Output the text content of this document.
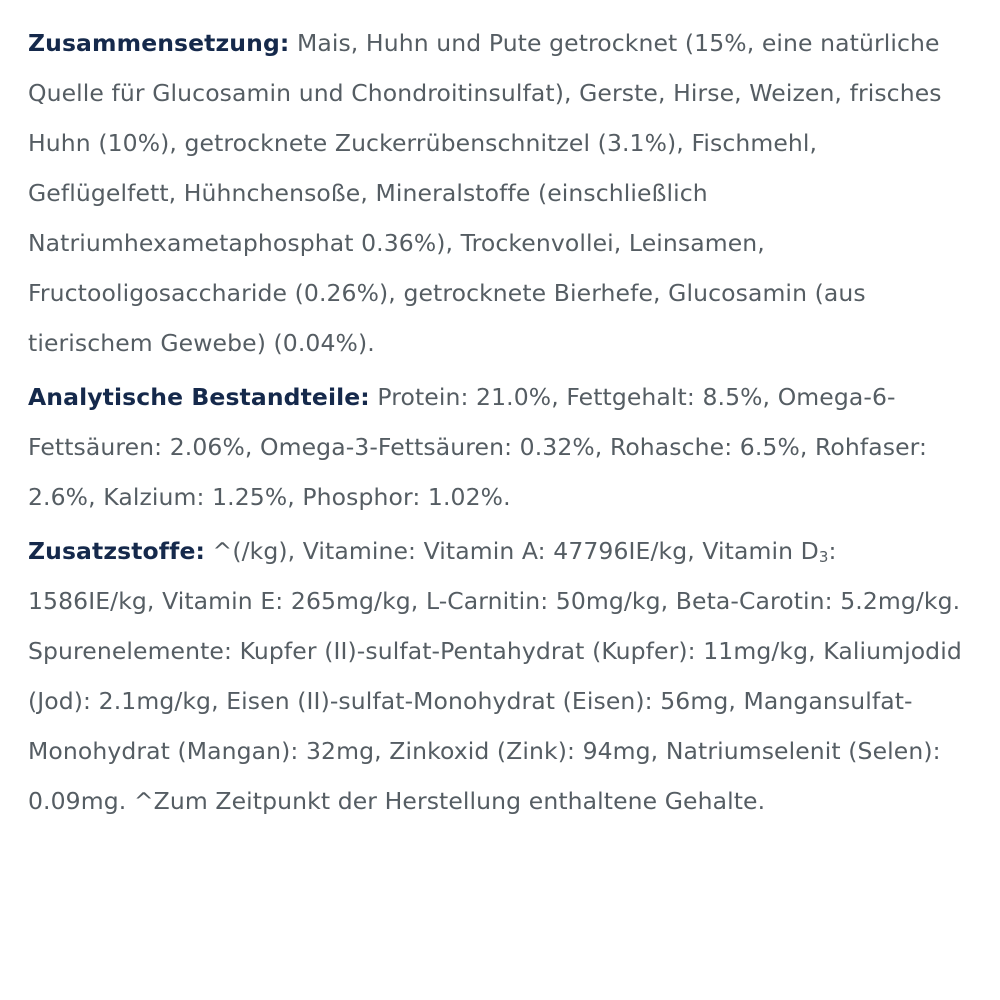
Zusammensetzung: Mais, Huhn und Pute getrocknet (15%, eine natürliche Quelle für Glucosamin und Chondroitinsulfat), Gerste, Hirse, Weizen, frisches Huhn (10%), getrocknete Zuckerrübenschnitzel (3.1%), Fischmehl, Geflügelfett, Hühnchensoße, Mineralstoffe (einschließlich Natriumhexametaphosphat 0.36%), Trockenvollei, Leinsamen, Fructooligosaccharide (0.26%), getrocknete Bierhefe, Glucosamin (aus tierischem Gewebe) (0.04%).

Analytische Bestandteile: Protein: 21.0%, Fettgehalt: 8.5%, Omega-6-Fettsäuren: 2.06%, Omega-3-Fettsäuren: 0.32%, Rohasche: 6.5%, Rohfaser: 2.6%, Kalzium: 1.25%, Phosphor: 1.02%.

Zusatzstoffe: ^(/kg), Vitamine: Vitamin A: 47796IE/kg, Vitamin $D_3$: 1586IE/kg, Vitamin E: 265mg/kg, L-Carnitin: 50mg/kg, Beta-Carotin: 5.2mg/kg. Spurenelemente: Kupfer (II)-sulfat-Pentahydrat (Kupfer): 11mg/kg, Kaliumjodid (Jod): 2.1mg/kg, Eisen (II)-sulfat-Monohydrat (Eisen): 56mg, Mangansulfat-Monohydrat (Mangan): 32mg, Zinkoxid (Zink): 94mg, Natriumselenit (Selen): 0.09mg. ^Zum Zeitpunkt der Herstellung enthaltene Gehalte.
